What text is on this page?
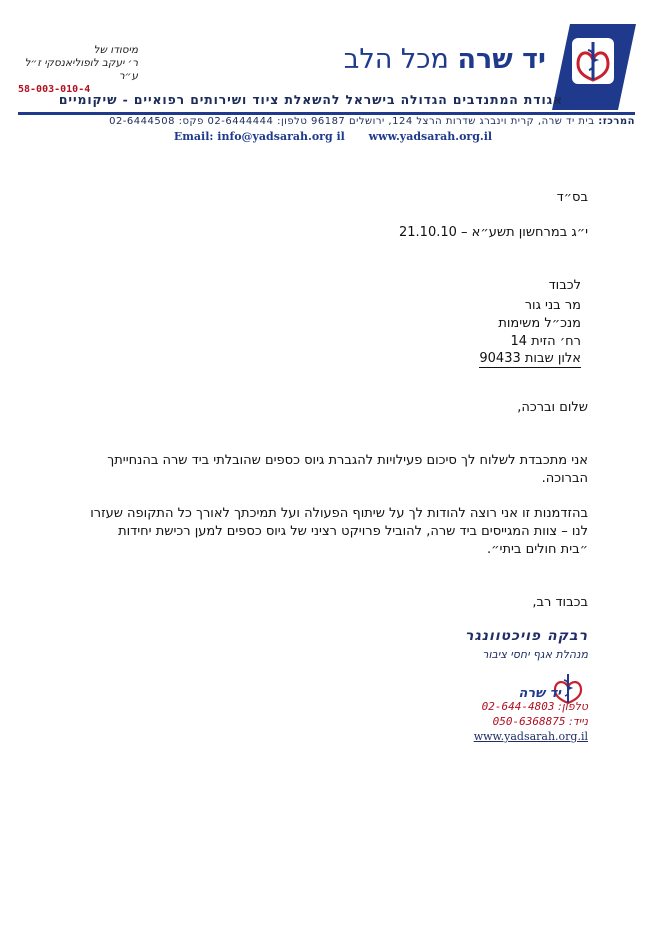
יד שרה מכל הלב
מיסודו של
ר׳ יעקב לופוליאנסקי ז״ל
ע״ר
58-003-010-4
אגודת המתנדבים הגדולה בישראל להשאלת ציוד ושירותים רפואיים - שיקומיים
המרכז: בית יד שרה, קרית וינברג שדרות הרצל 124, ירושלים 96187 טלפון: 02-6444444 פקס: 02-6444508
Email: info@yadsarah.org il www.yadsarah.org.il
בס״ד
י״ג במרחשון תשע״א – 21.10.10
לכבוד
מר בני גור
מנכ״ל משימות
רח׳ הזית 14
אלון שבות 90433
שלום וברכה,
אני מתכבדת לשלוח לך סיכום פעילויות להגברת גיוס כספים שהובלתי ביד שרה בהנחייתך הברוכה.
בהזדמנות זו אני רוצה להודות לך על שיתוף הפעולה ועל תמיכתך לאורך כל התקופה שעזרו לנו – צוות המגייסים ביד שרה, להוביל פרויקט רציני של גיוס כספים למען רכישת יחידות ״בית חולים ביתי״.
בכבוד רב,
רבקה פויכטוונגר
מנהלת אגף יחסי ציבור
יד שרה
טלפון: 02-644-4803
נייד: 050-6368875
www.yadsarah.org.il
